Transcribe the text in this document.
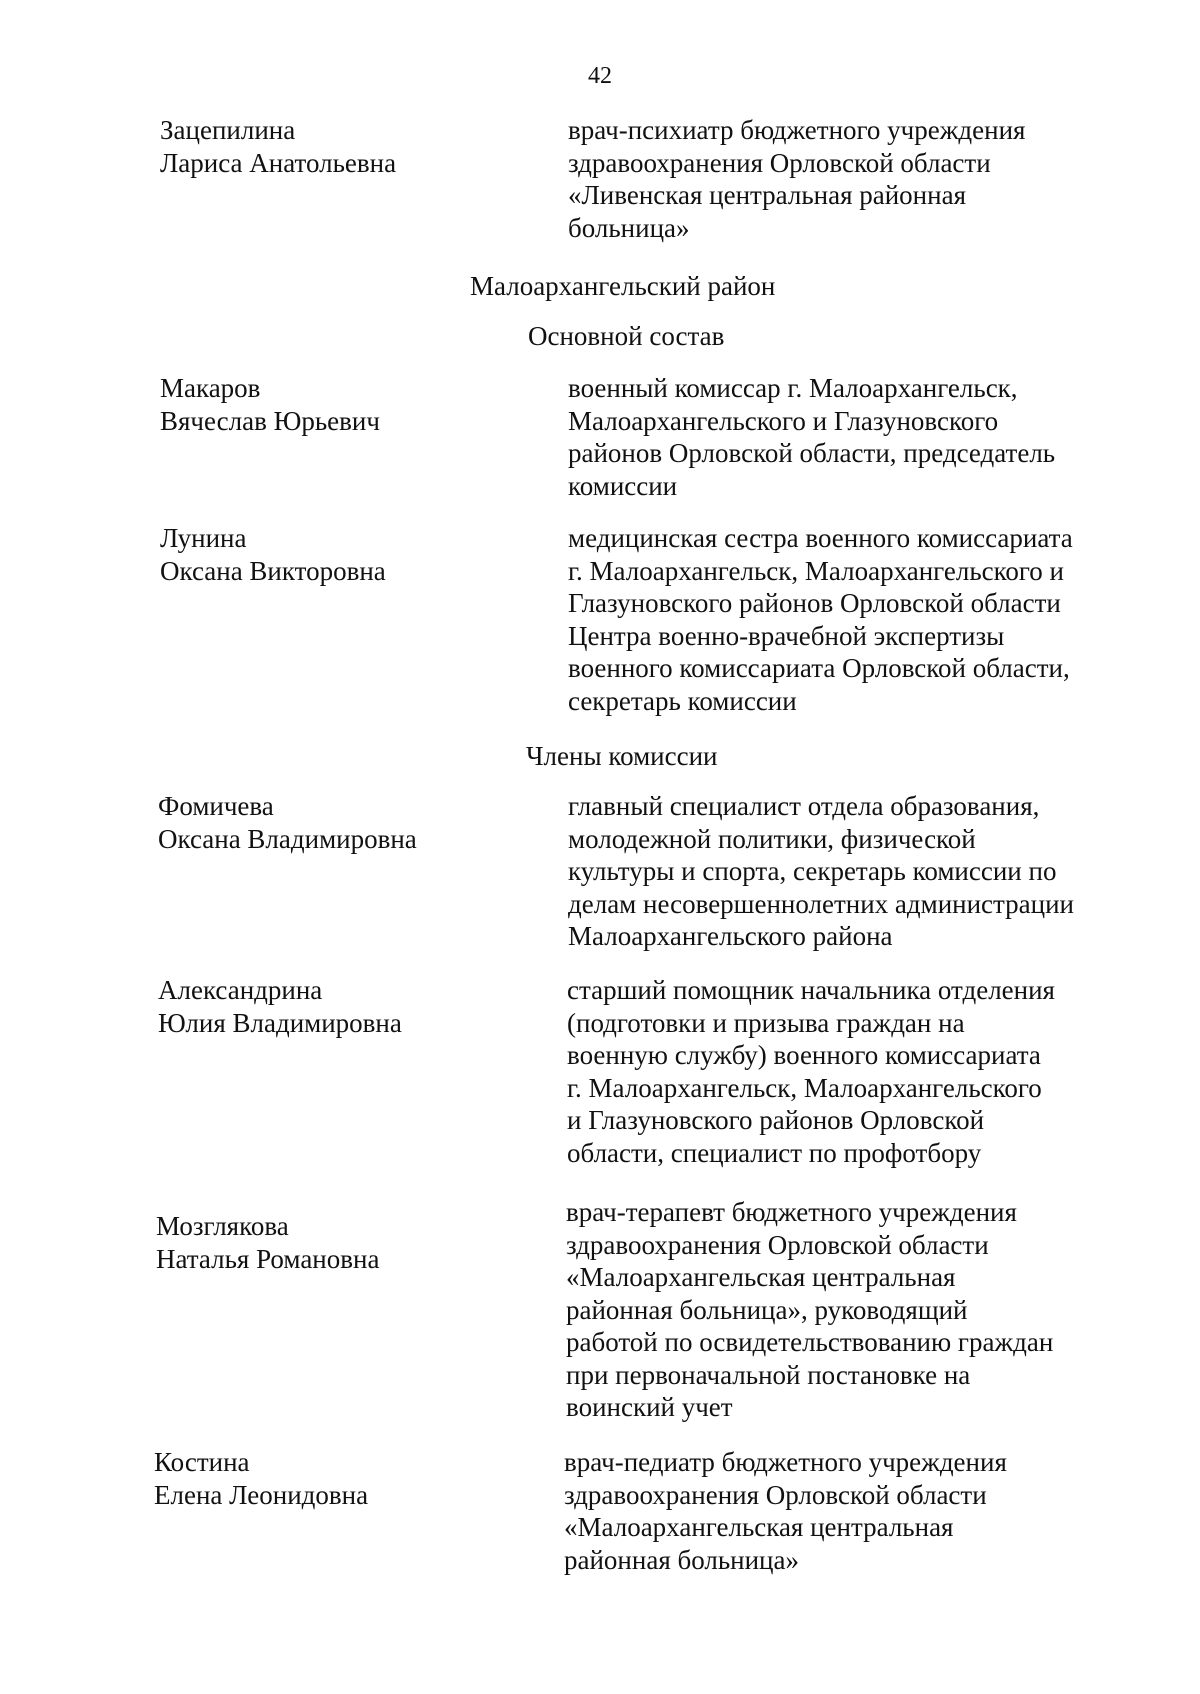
42
Зацепилина
Лариса Анатольевна
врач-психиатр бюджетного учреждения
здравоохранения Орловской области
«Ливенская центральная районная
больница»
Малоархангельский район
Основной состав
Макаров
Вячеслав Юрьевич
военный комиссар г. Малоархангельск,
Малоархангельского и Глазуновского
районов Орловской области, председатель
комиссии
Лунина
Оксана Викторовна
медицинская сестра военного комиссариата
г. Малоархангельск, Малоархангельского и
Глазуновского районов Орловской области
Центра военно-врачебной экспертизы
военного комиссариата Орловской области,
секретарь комиссии
Члены комиссии
Фомичева
Оксана Владимировна
главный специалист отдела образования,
молодежной политики, физической
культуры и спорта, секретарь комиссии по
делам несовершеннолетних администрации
Малоархангельского района
Александрина
Юлия Владимировна
старший помощник начальника отделения
(подготовки и призыва граждан на
военную службу) военного комиссариата
г. Малоархангельск, Малоархангельского
и Глазуновского районов Орловской
области, специалист по профотбору
Мозглякова
Наталья Романовна
врач-терапевт бюджетного учреждения
здравоохранения Орловской области
«Малоархангельская центральная
районная больница», руководящий
работой по освидетельствованию граждан
при первоначальной постановке на
воинский учет
Костина
Елена Леонидовна
врач-педиатр бюджетного учреждения
здравоохранения Орловской области
«Малоархангельская центральная
районная больница»
